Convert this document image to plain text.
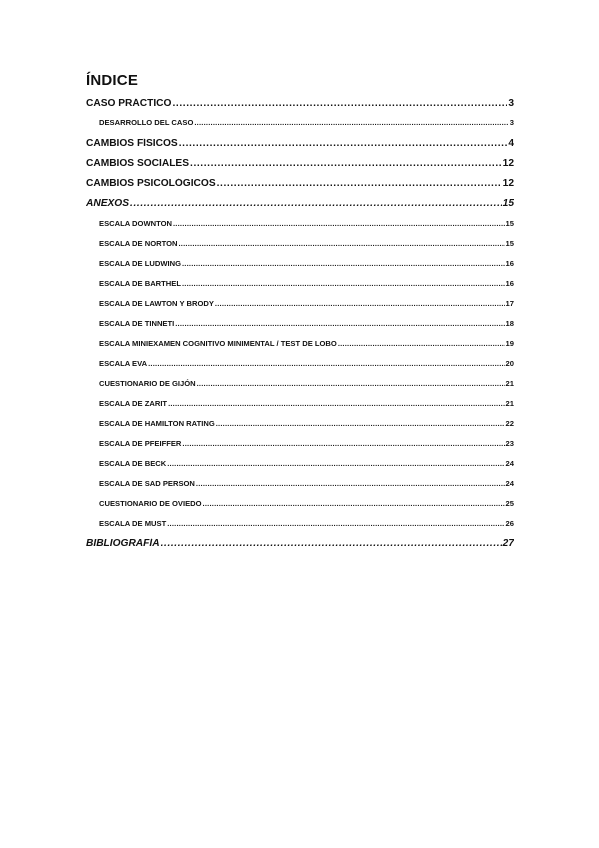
ÍNDICE
CASO PRÁCTICO .....	3
DESARROLLO DEL CASO .....	3
CAMBIOS FÍSICOS .....	4
CAMBIOS SOCIALES .....	12
CAMBIOS PSICOLÓGICOS .....	12
ANEXOS .....	15
ESCALA DOWNTON .....	15
ESCALA DE NORTON .....	15
ESCALA DE LUDWING .....	16
ESCALA DE BARTHEL .....	16
ESCALA DE LAWTON Y BRODY .....	17
ESCALA DE TINNETI .....	18
ESCALA MINIEXAMEN COGNITIVO MINIMENTAL / TEST DE LOBO .....	19
ESCALA EVA .....	20
CUESTIONARIO DE GIJÓN .....	21
ESCALA DE ZARIT .....	21
ESCALA DE HAMILTON RATING .....	22
ESCALA DE PFEIFFER .....	23
ESCALA DE BECK .....	24
ESCALA DE SAD PERSON .....	24
CUESTIONARIO DE OVIEDO .....	25
ESCALA DE MUST .....	26
BIBLIOGRAFÍA .....	27
